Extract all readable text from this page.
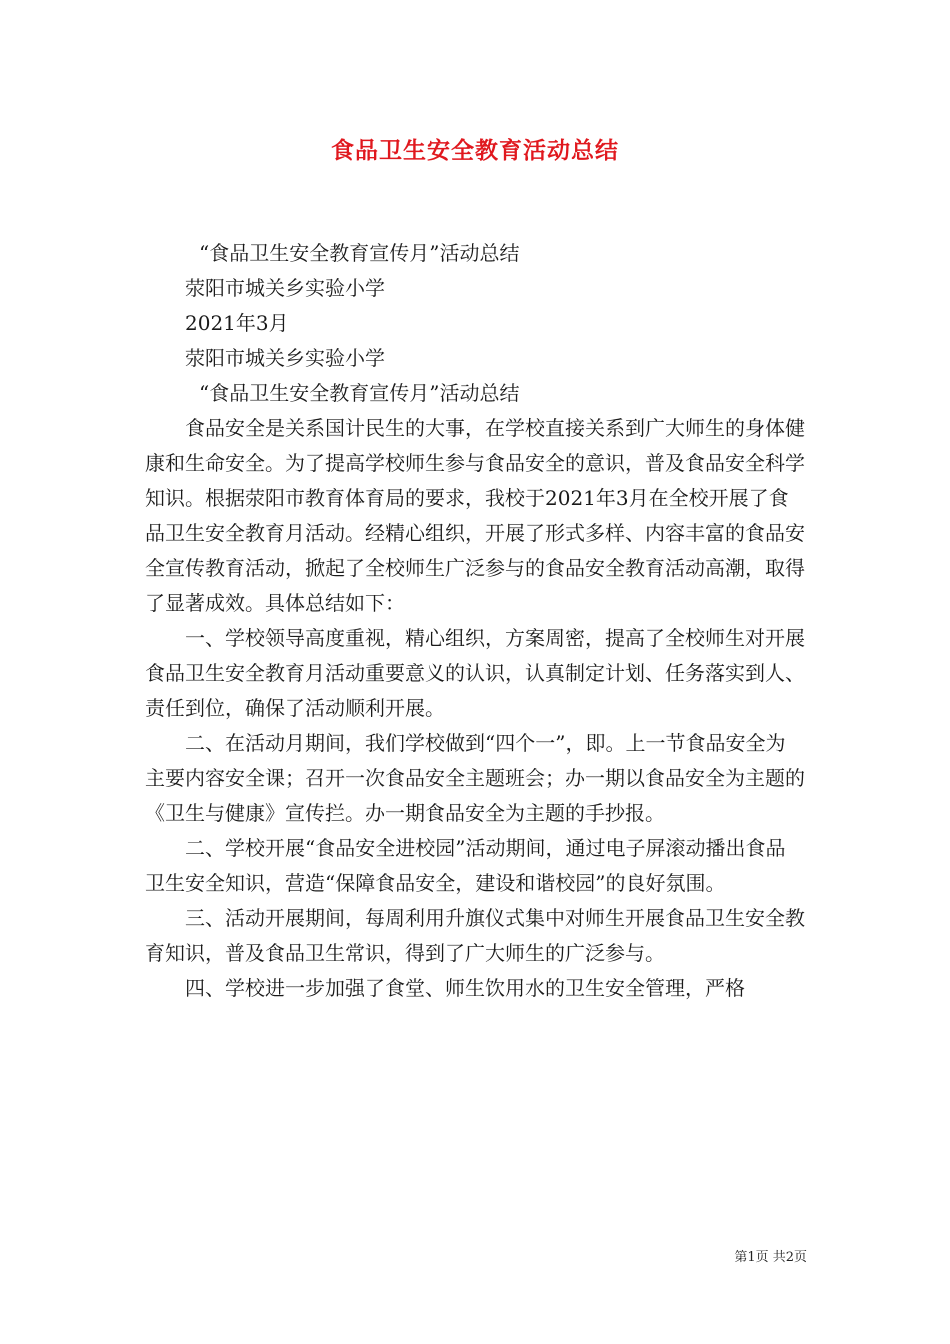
食品卫生安全教育活动总结

“食品卫生安全教育宣传月”活动总结

荥阳市城关乡实验小学

2021年3月

荥阳市城关乡实验小学

“食品卫生安全教育宣传月”活动总结

食品安全是关系国计民生的大事，在学校直接关系到广大师生的身体健康和生命安全。为了提高学校师生参与食品安全的意识，普及食品安全科学知识。根据荥阳市教育体育局的要求，我校于2021年3月在全校开展了食品卫生安全教育月活动。经精心组织，开展了形式多样、内容丰富的食品安全宣传教育活动，掀起了全校师生广泛参与的食品安全教育活动高潮，取得了显著成效。具体总结如下：

一、学校领导高度重视，精心组织，方案周密，提高了全校师生对开展食品卫生安全教育月活动重要意义的认识，认真制定计划、任务落实到人、责任到位，确保了活动顺利开展。

二、在活动月期间，我们学校做到“四个一”，即。上一节食品安全为主要内容安全课；召开一次食品安全主题班会；办一期以食品安全为主题的《卫生与健康》宣传拦。办一期食品安全为主题的手抄报。

二、学校开展“食品安全进校园”活动期间，通过电子屏滚动播出食品卫生安全知识，营造“保障食品安全，建设和谐校园”的良好氛围。

三、活动开展期间，每周利用升旗仪式集中对师生开展食品卫生安全教育知识，普及食品卫生常识，得到了广大师生的广泛参与。

四、学校进一步加强了食堂、师生饮用水的卫生安全管理，严格

第1页 共2页
